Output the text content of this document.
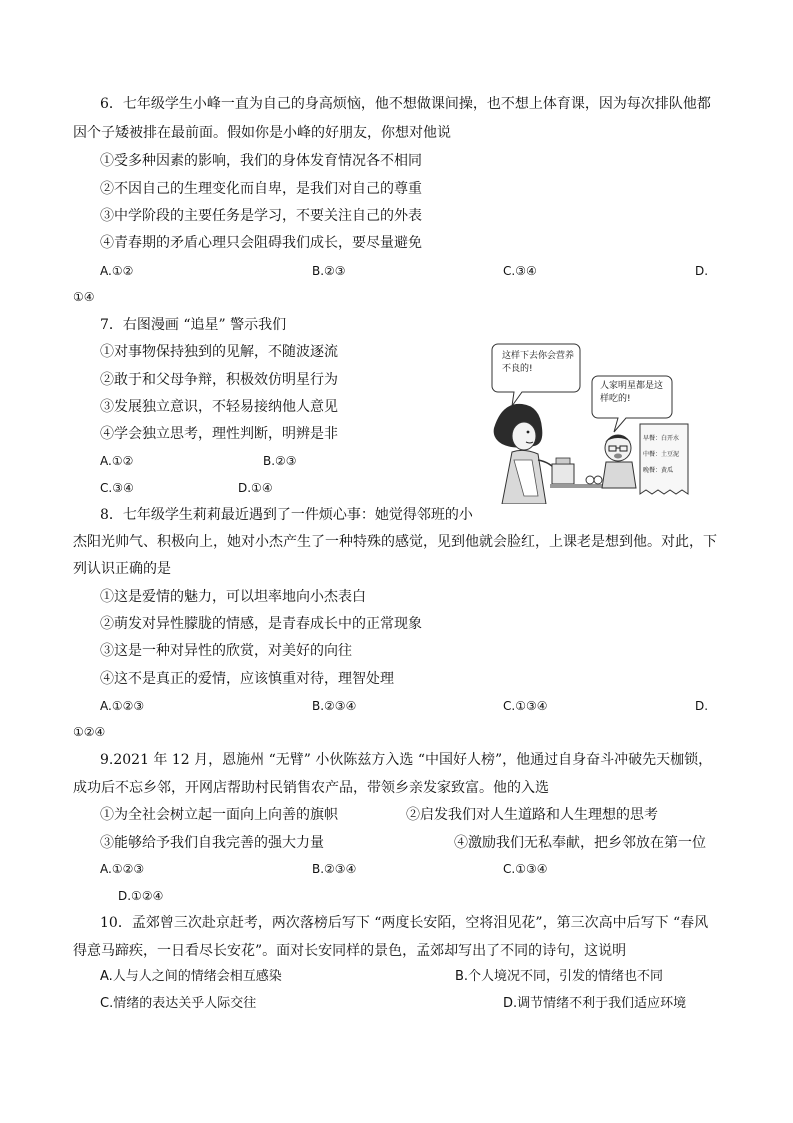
6．七年级学生小峰一直为自己的身高烦恼，他不想做课间操，也不想上体育课，因为每次排队他都
因个子矮被排在最前面。假如你是小峰的好朋友，你想对他说
①受多种因素的影响，我们的身体发育情况各不相同
②不因自己的生理变化而自卑，是我们对自己的尊重
③中学阶段的主要任务是学习，不要关注自己的外表
④青春期的矛盾心理只会阻碍我们成长，要尽量避免
A.①②	B.②③	C.③④	D.
①④
7．右图漫画 “追星” 警示我们
①对事物保持独到的见解，不随波逐流
②敢于和父母争辩，积极效仿明星行为
③发展独立意识，不轻易接纳他人意见
④学会独立思考，理性判断，明辨是非
A.①②	B.②③
C.③④	D.①④
这样下去你会营养不良的!
人家明星都是这样吃的!
早餐：白开水
中餐：土豆泥
晚餐：黄瓜
8．七年级学生莉莉最近遇到了一件烦心事：她觉得邻班的小
杰阳光帅气、积极向上，她对小杰产生了一种特殊的感觉，见到他就会脸红，上课老是想到他。对此，下
列认识正确的是
①这是爱情的魅力，可以坦率地向小杰表白
②萌发对异性朦胧的情感，是青春成长中的正常现象
③这是一种对异性的欣赏，对美好的向往
④这不是真正的爱情，应该慎重对待，理智处理
A.①②③	B.②③④	C.①③④	D.
①②④
9.2021 年 12 月，恩施州 “无臂” 小伙陈兹方入选 “中国好人榜”，他通过自身奋斗冲破先天枷锁，
成功后不忘乡邻，开网店帮助村民销售农产品，带领乡亲发家致富。他的入选
①为全社会树立起一面向上向善的旗帜	②启发我们对人生道路和人生理想的思考
③能够给予我们自我完善的强大力量	④激励我们无私奉献，把乡邻放在第一位
A.①②③	B.②③④	C.①③④
D.①②④
10．孟郊曾三次赴京赶考，两次落榜后写下 “两度长安陌，空将泪见花”，第三次高中后写下 “春风
得意马蹄疾，一日看尽长安花”。面对长安同样的景色，孟郊却写出了不同的诗句，这说明
A.人与人之间的情绪会相互感染	B.个人境况不同，引发的情绪也不同
C.情绪的表达关乎人际交往	D.调节情绪不利于我们适应环境
